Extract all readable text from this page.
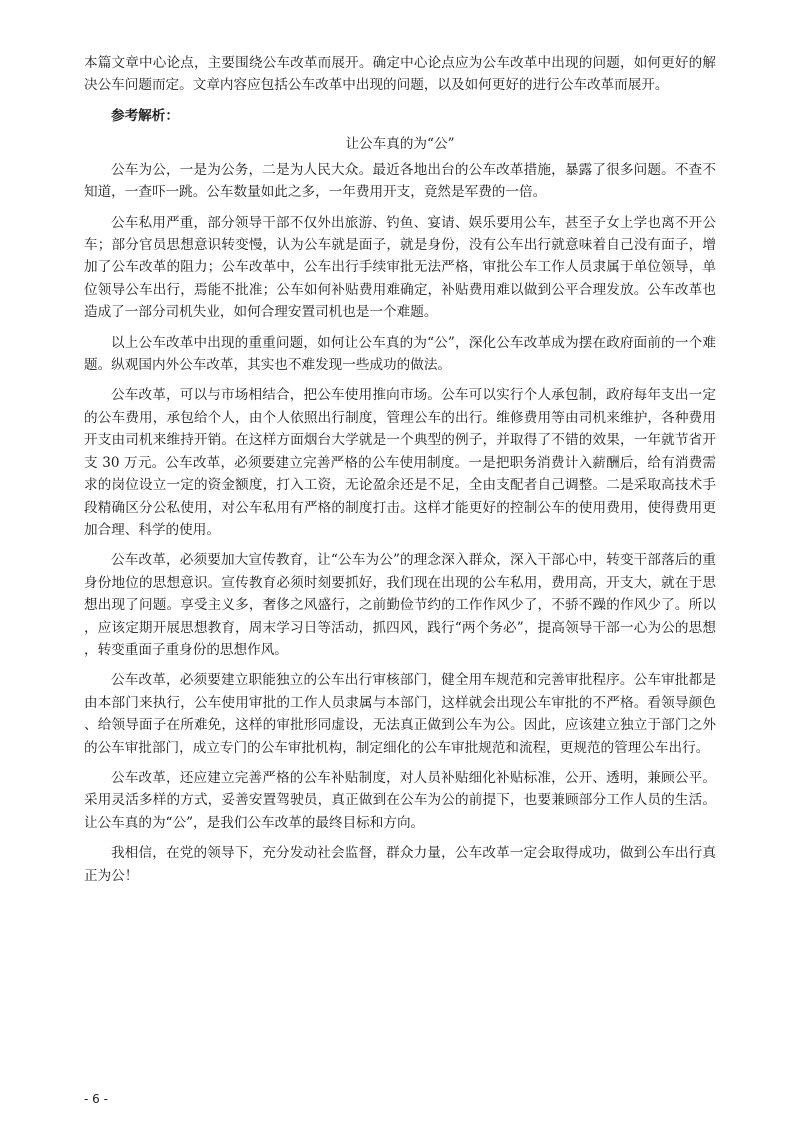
本篇文章中心论点，主要围绕公车改革而展开。确定中心论点应为公车改革中出现的问题，如何更好的解决公车问题而定。文章内容应包括公车改革中出现的问题，以及如何更好的进行公车改革而展开。

参考解析：
让公车真的为“公”

公车为公，一是为公务，二是为人民大众。最近各地出台的公车改革措施，暴露了很多问题。不查不知道，一查吓一跳。公车数量如此之多，一年费用开支，竟然是军费的一倍。

公车私用严重，部分领导干部不仅外出旅游、钓鱼、宴请、娱乐要用公车，甚至子女上学也离不开公车；部分官员思想意识转变慢，认为公车就是面子，就是身份，没有公车出行就意味着自己没有面子，增加了公车改革的阻力；公车改革中，公车出行手续审批无法严格，审批公车工作人员隶属于单位领导，单位领导公车出行，焉能不批准；公车如何补贴费用难确定，补贴费用难以做到公平合理发放。公车改革也造成了一部分司机失业，如何合理安置司机也是一个难题。

以上公车改革中出现的重重问题，如何让公车真的为“公”，深化公车改革成为摆在政府面前的一个难题。纵观国内外公车改革，其实也不难发现一些成功的做法。

公车改革，可以与市场相结合，把公车使用推向市场。公车可以实行个人承包制，政府每年支出一定的公车费用，承包给个人，由个人依照出行制度，管理公车的出行。维修费用等由司机来维护，各种费用开支由司机来维持开销。在这样方面烟台大学就是一个典型的例子，并取得了不错的效果，一年就节省开支 30 万元。公车改革，必须要建立完善严格的公车使用制度。一是把职务消费计入薪酬后，给有消费需求的岗位设立一定的资金额度，打入工资，无论盈余还是不足，全由支配者自己调整。二是采取高技术手段精确区分公私使用，对公车私用有严格的制度打击。这样才能更好的控制公车的使用费用，使得费用更加合理、科学的使用。

公车改革，必须要加大宣传教育，让“公车为公”的理念深入群众，深入干部心中，转变干部落后的重身份地位的思想意识。宣传教育必须时刻要抓好，我们现在出现的公车私用，费用高，开支大，就在于思想出现了问题。享受主义多，奢侈之风盛行，之前勤俭节约的工作作风少了，不骄不躁的作风少了。所以，应该定期开展思想教育，周末学习日等活动，抓四风，践行“两个务必”，提高领导干部一心为公的思想，转变重面子重身份的思想作风。

公车改革，必须要建立职能独立的公车出行审核部门，健全用车规范和完善审批程序。公车审批都是由本部门来执行，公车使用审批的工作人员隶属与本部门，这样就会出现公车审批的不严格。看领导颜色、给领导面子在所难免，这样的审批形同虚设，无法真正做到公车为公。因此，应该建立独立于部门之外的公车审批部门，成立专门的公车审批机构，制定细化的公车审批规范和流程，更规范的管理公车出行。

公车改革，还应建立完善严格的公车补贴制度，对人员补贴细化补贴标准，公开、透明，兼顾公平。采用灵活多样的方式，妥善安置驾驶员，真正做到在公车为公的前提下，也要兼顾部分工作人员的生活。让公车真的为“公”，是我们公车改革的最终目标和方向。

我相信，在党的领导下，充分发动社会监督，群众力量，公车改革一定会取得成功，做到公车出行真正为公！

- 6 -
